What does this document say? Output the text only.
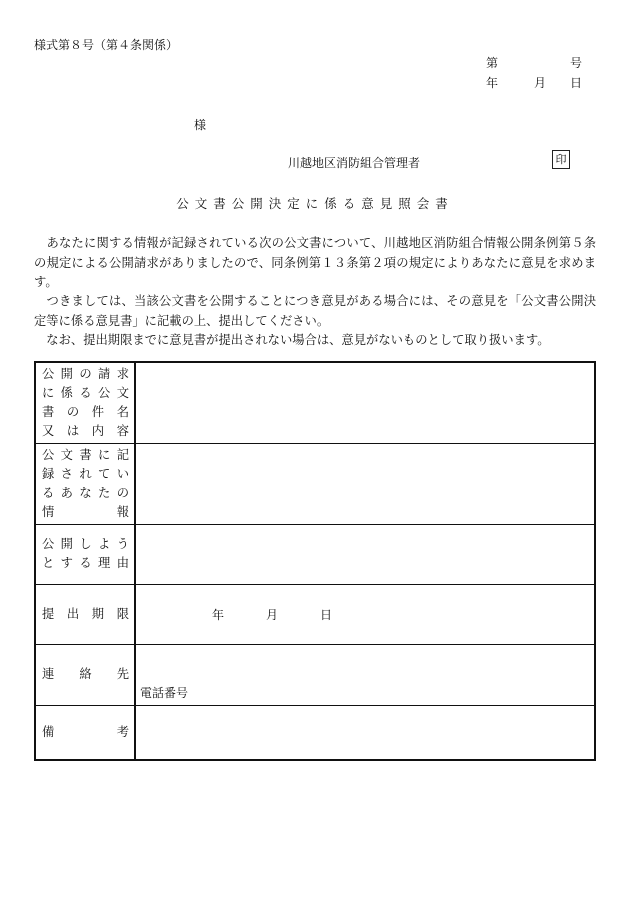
様式第８号（第４条関係）
第	号
年	月 日
様
川越地区消防組合管理者	印
公文書公開決定に係る意見照会書
　あなたに関する情報が記録されている次の公文書について、川越地区消防組合情報公開条例第５条の規定による公開請求がありましたので、同条例第１３条第２項の規定によりあなたに意見を求めます。
　つきましては、当該公文書を公開することにつき意見がある場合には、その意見を「公文書公開決定等に係る意見書」に記載の上、提出してください。
　なお、提出期限までに意見書が提出されない場合は、意見がないものとして取り扱います。
公開の請求
に係る公文
書の件名
又は内容	

公文書に記
録されてい
るあなたの
情報	

公開しよう
とする理由	

提出期限	年 月 日

連絡先	電話番号

備考	
